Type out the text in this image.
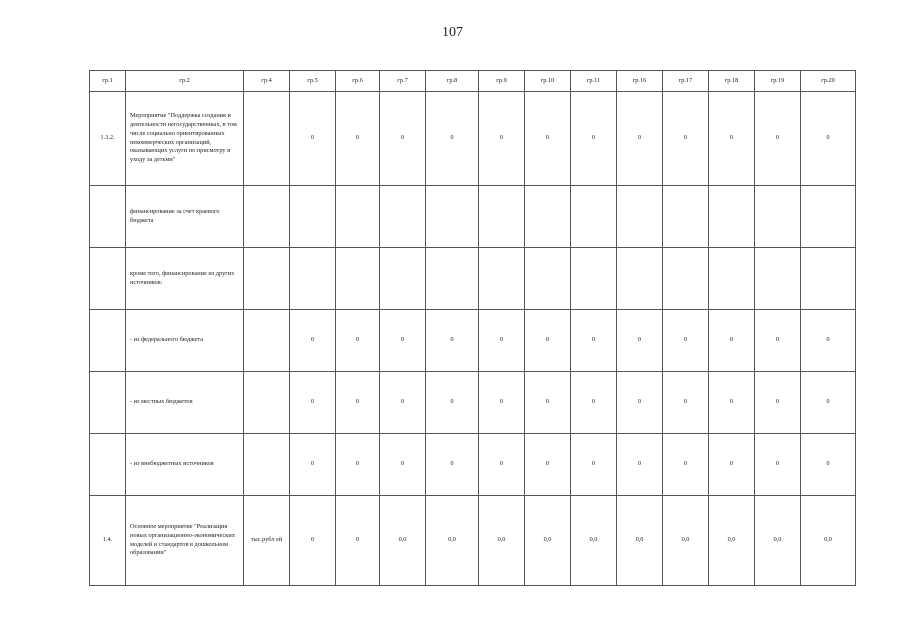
107
гр.1	гр.2	гр.4	гр.5	гр.6	гр.7	гр.8	гр.9	гр.10	гр.11	гр.16	гр.17	гр.18	гр.19	гр.20
1.3.2.	Мероприятие "Поддержка создания и деятельности негосударственных, в том числе социально ориентированных некоммерческих организаций, оказывающих услуги по присмотру и уходу за детьми"		0	0	0	0	0	0	0	0	0	0	0	0
	финансирование за счет краевого бюджета													
	кроме того, финансирование из других источников:													
	- из федерального бюджета		0	0	0	0	0	0	0	0	0	0	0	0
	- из местных бюджетов		0	0	0	0	0	0	0	0	0	0	0	0
	- из внебюджетных источников		0	0	0	0	0	0	0	0	0	0	0	0
1.4.	Основное мероприятие "Реализация новых организационно-экономических моделей и стандартов в дошкольном образовании"	тыс.рубл ей	0	0	0,0	0,0	0,0	0,0	0,0	0,0	0,0	0,0	0,0	0,0
